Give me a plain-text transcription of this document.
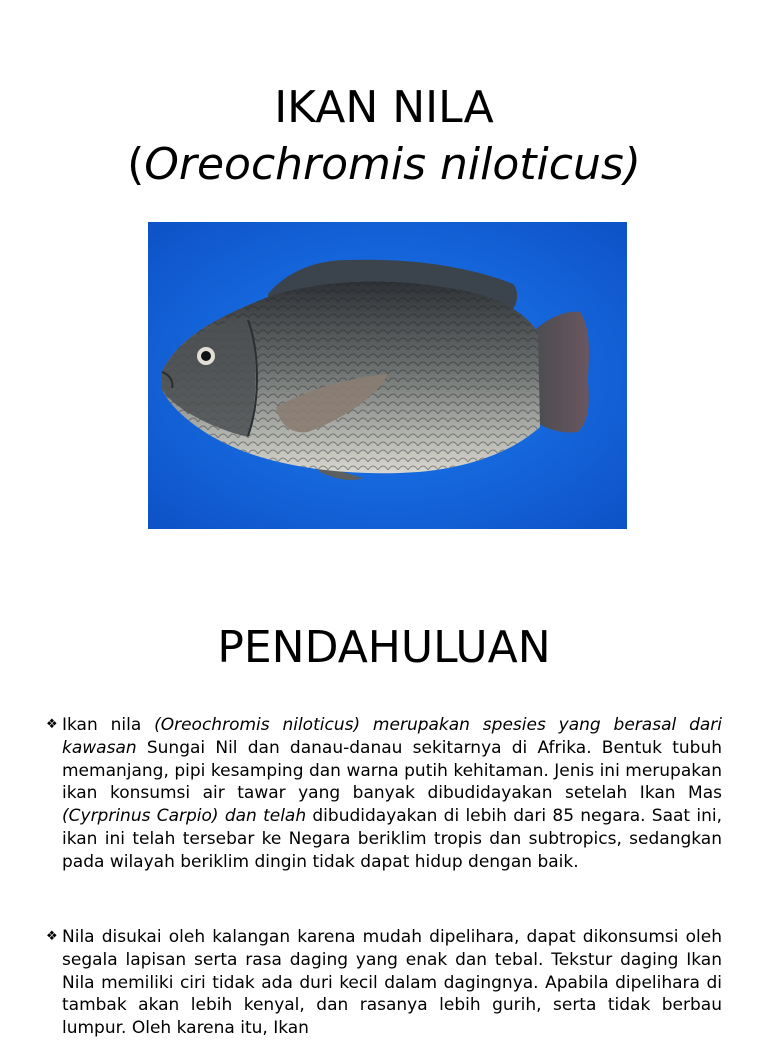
IKAN NILA
(Oreochromis niloticus)
PENDAHULUAN

❖ Ikan nila (Oreochromis niloticus) merupakan spesies yang berasal dari kawasan Sungai Nil dan danau-danau sekitarnya di Afrika. Bentuk tubuh memanjang, pipi kesamping dan warna putih kehitaman. Jenis ini merupakan ikan konsumsi air tawar yang banyak dibudidayakan setelah Ikan Mas (Cyrprinus Carpio) dan telah dibudidayakan di lebih dari 85 negara. Saat ini, ikan ini telah tersebar ke Negara beriklim tropis dan subtropics, sedangkan pada wilayah beriklim dingin tidak dapat hidup dengan baik.

❖ Nila disukai oleh kalangan karena mudah dipelihara, dapat dikonsumsi oleh segala lapisan serta rasa daging yang enak dan tebal. Tekstur daging Ikan Nila memiliki ciri tidak ada duri kecil dalam dagingnya. Apabila dipelihara di tambak akan lebih kenyal, dan rasanya lebih gurih, serta tidak berbau lumpur. Oleh karena itu, Ikan
